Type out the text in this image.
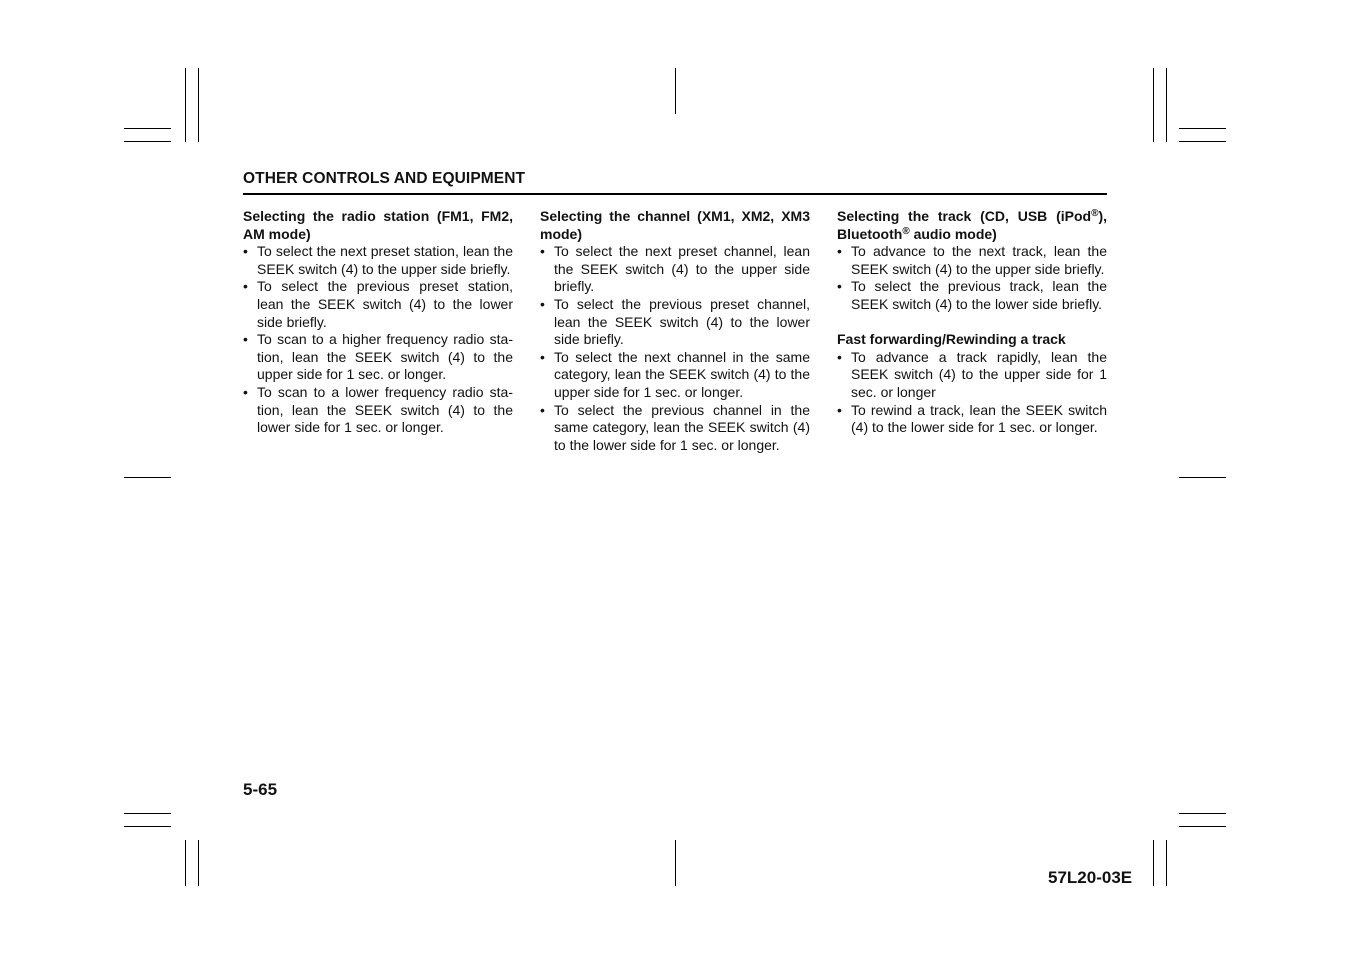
OTHER CONTROLS AND EQUIPMENT
Selecting the radio station (FM1, FM2, AM mode)
• To select the next preset station, lean the SEEK switch (4) to the upper side briefly.
• To select the previous preset station, lean the SEEK switch (4) to the lower side briefly.
• To scan to a higher frequency radio sta-tion, lean the SEEK switch (4) to the upper side for 1 sec. or longer.
• To scan to a lower frequency radio sta-tion, lean the SEEK switch (4) to the lower side for 1 sec. or longer.
Selecting the channel (XM1, XM2, XM3 mode)
• To select the next preset channel, lean the SEEK switch (4) to the upper side briefly.
• To select the previous preset channel, lean the SEEK switch (4) to the lower side briefly.
• To select the next channel in the same category, lean the SEEK switch (4) to the upper side for 1 sec. or longer.
• To select the previous channel in the same category, lean the SEEK switch (4) to the lower side for 1 sec. or longer.
Selecting the track (CD, USB (iPod®), Bluetooth® audio mode)
• To advance to the next track, lean the SEEK switch (4) to the upper side briefly.
• To select the previous track, lean the SEEK switch (4) to the lower side briefly.
Fast forwarding/Rewinding a track
• To advance a track rapidly, lean the SEEK switch (4) to the upper side for 1 sec. or longer
• To rewind a track, lean the SEEK switch (4) to the lower side for 1 sec. or longer.
5-65
57L20-03E
